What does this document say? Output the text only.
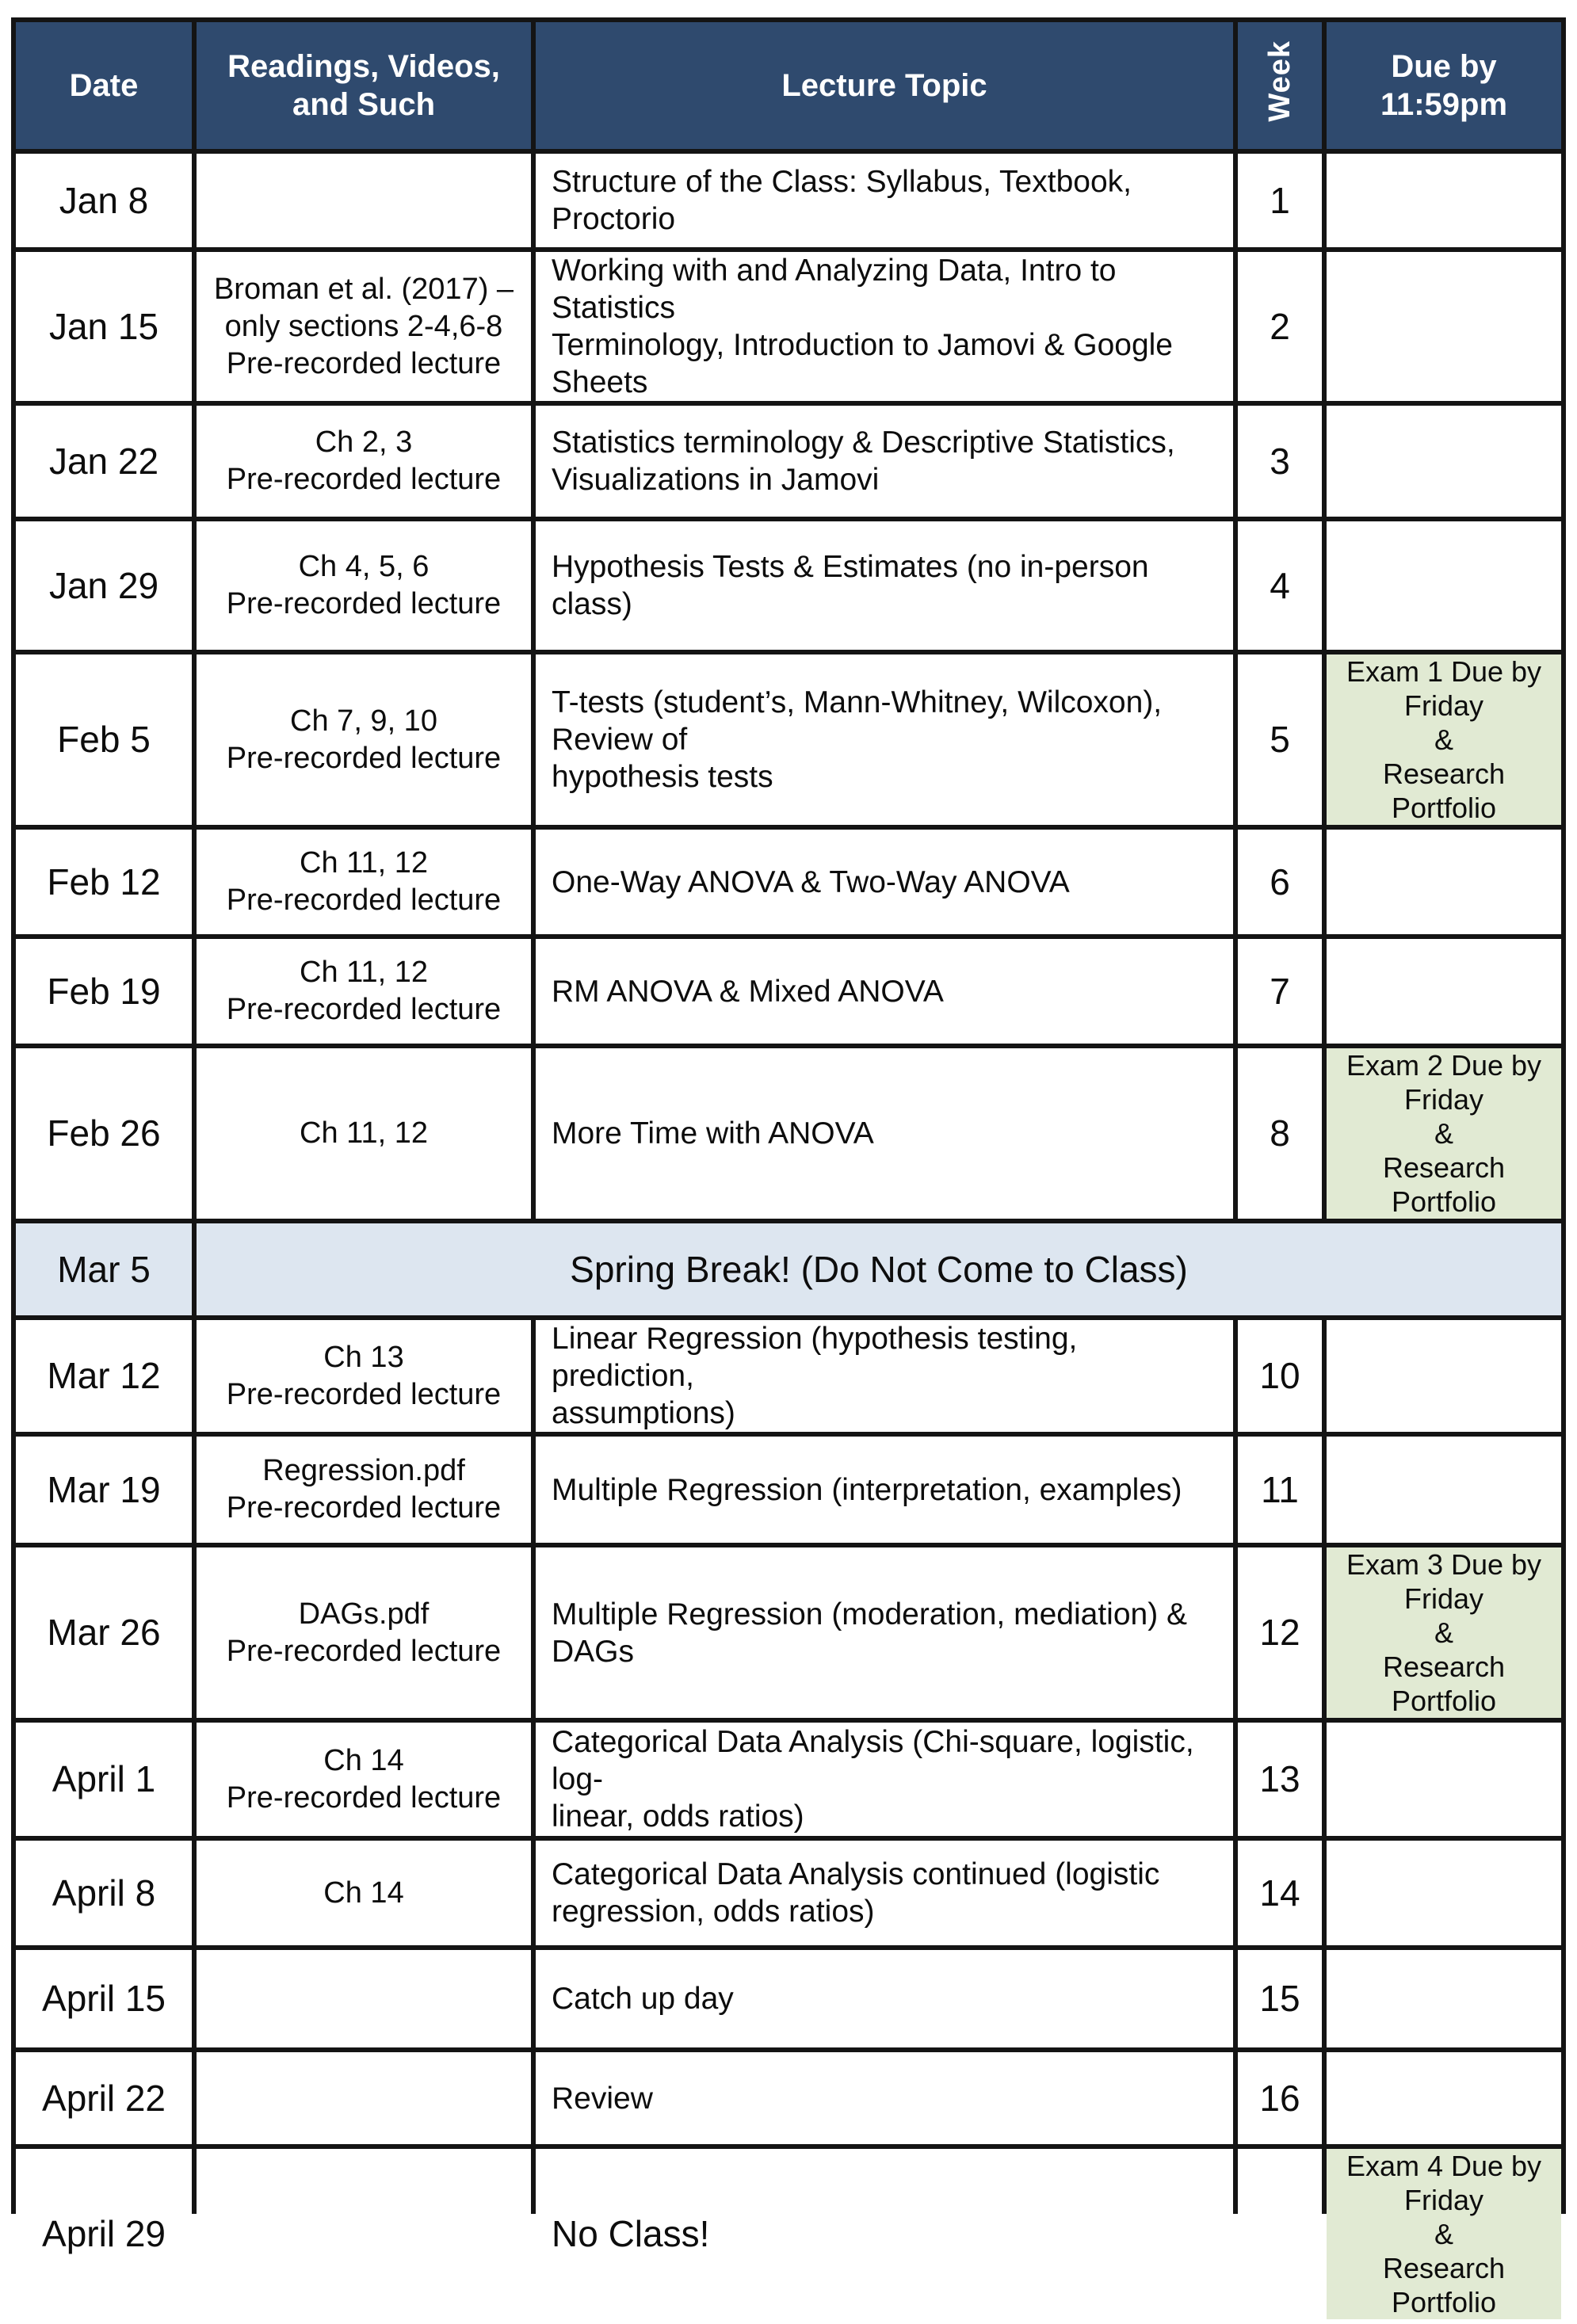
Date	Readings, Videos,
and Such	Lecture Topic	Week	Due by
11:59pm

Jan 8		Structure of the Class: Syllabus, Textbook, Proctorio	1	
Jan 15	Broman et al. (2017) –
only sections 2-4,6-8
Pre-recorded lecture	Working with and Analyzing Data, Intro to Statistics
Terminology, Introduction to Jamovi & Google Sheets	2	
Jan 22	Ch 2, 3
Pre-recorded lecture	Statistics terminology & Descriptive Statistics,
Visualizations in Jamovi	3	
Jan 29	Ch 4, 5, 6
Pre-recorded lecture	Hypothesis Tests & Estimates (no in-person class)	4	
Feb 5	Ch 7, 9, 10
Pre-recorded lecture	T-tests (student’s, Mann-Whitney, Wilcoxon), Review of
hypothesis tests	5	Exam 1 Due by
Friday
&
Research Portfolio

Feb 12	Ch 11, 12
Pre-recorded lecture	One-Way ANOVA & Two-Way ANOVA	6	
Feb 19	Ch 11, 12
Pre-recorded lecture	RM ANOVA & Mixed ANOVA	7	
Feb 26	Ch 11, 12	More Time with ANOVA	8	Exam 2 Due by
Friday
&
Research Portfolio

Mar 5	Spring Break! (Do Not Come to Class)			
Mar 12	Ch 13
Pre-recorded lecture	Linear Regression (hypothesis testing, prediction,
assumptions)	10	
Mar 19	Regression.pdf
Pre-recorded lecture	Multiple Regression (interpretation, examples)	11	
Mar 26	DAGs.pdf
Pre-recorded lecture	Multiple Regression (moderation, mediation) & DAGs	12	Exam 3 Due by
Friday
&
Research Portfolio

April 1	Ch 14
Pre-recorded lecture	Categorical Data Analysis (Chi-square, logistic, log-
linear, odds ratios)	13	
April 8	Ch 14	Categorical Data Analysis continued (logistic
regression, odds ratios)	14	
April 15		Catch up day	15	
April 22		Review	16	
April 29		No Class!		Exam 4 Due by
Friday
&
Research Portfolio
